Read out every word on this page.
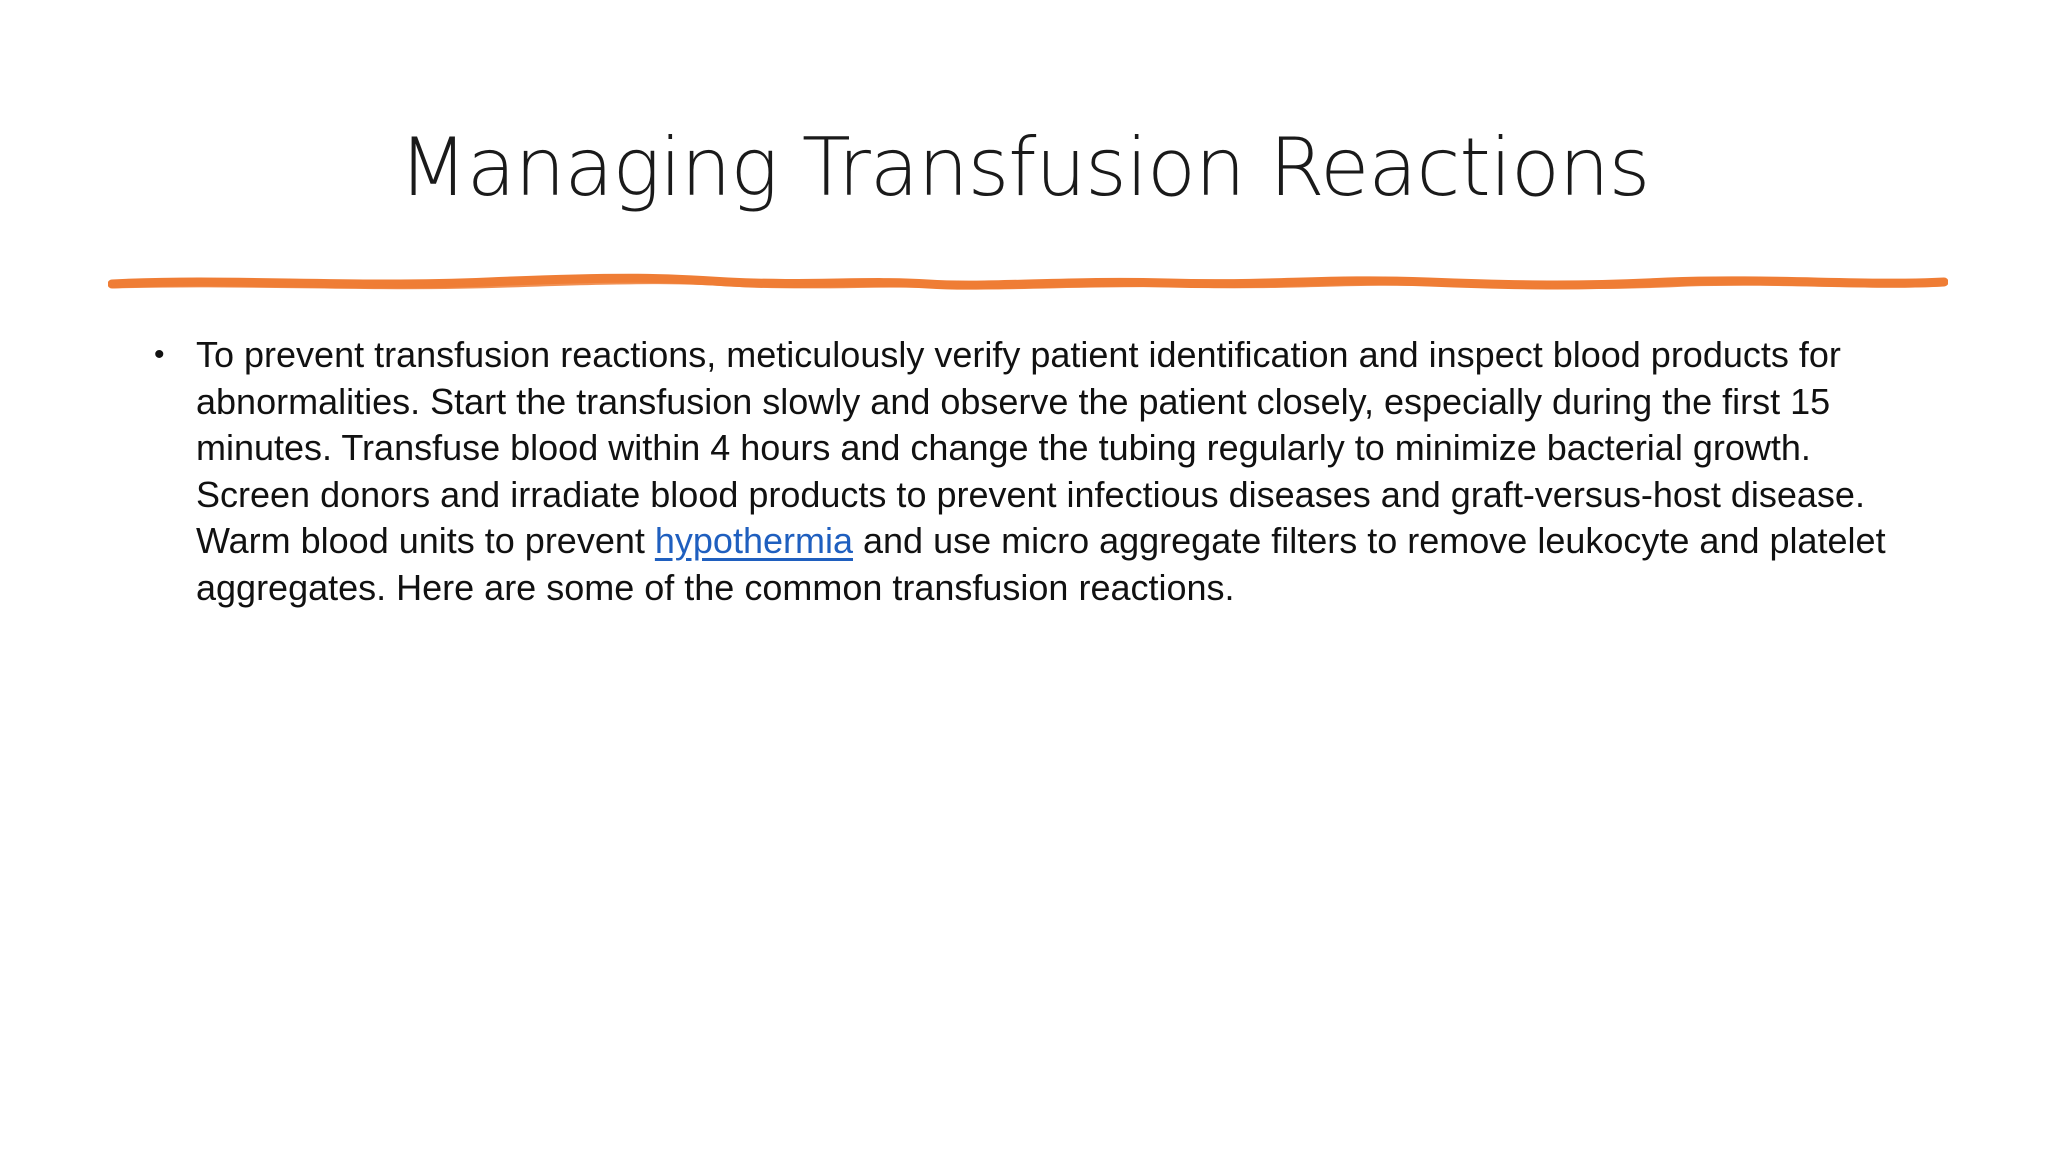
Managing Transfusion Reactions
• To prevent transfusion reactions, meticulously verify patient identification and inspect blood products for abnormalities. Start the transfusion slowly and observe the patient closely, especially during the first 15 minutes. Transfuse blood within 4 hours and change the tubing regularly to minimize bacterial growth. Screen donors and irradiate blood products to prevent infectious diseases and graft-versus-host disease. Warm blood units to prevent hypothermia and use micro aggregate filters to remove leukocyte and platelet aggregates. Here are some of the common transfusion reactions.
